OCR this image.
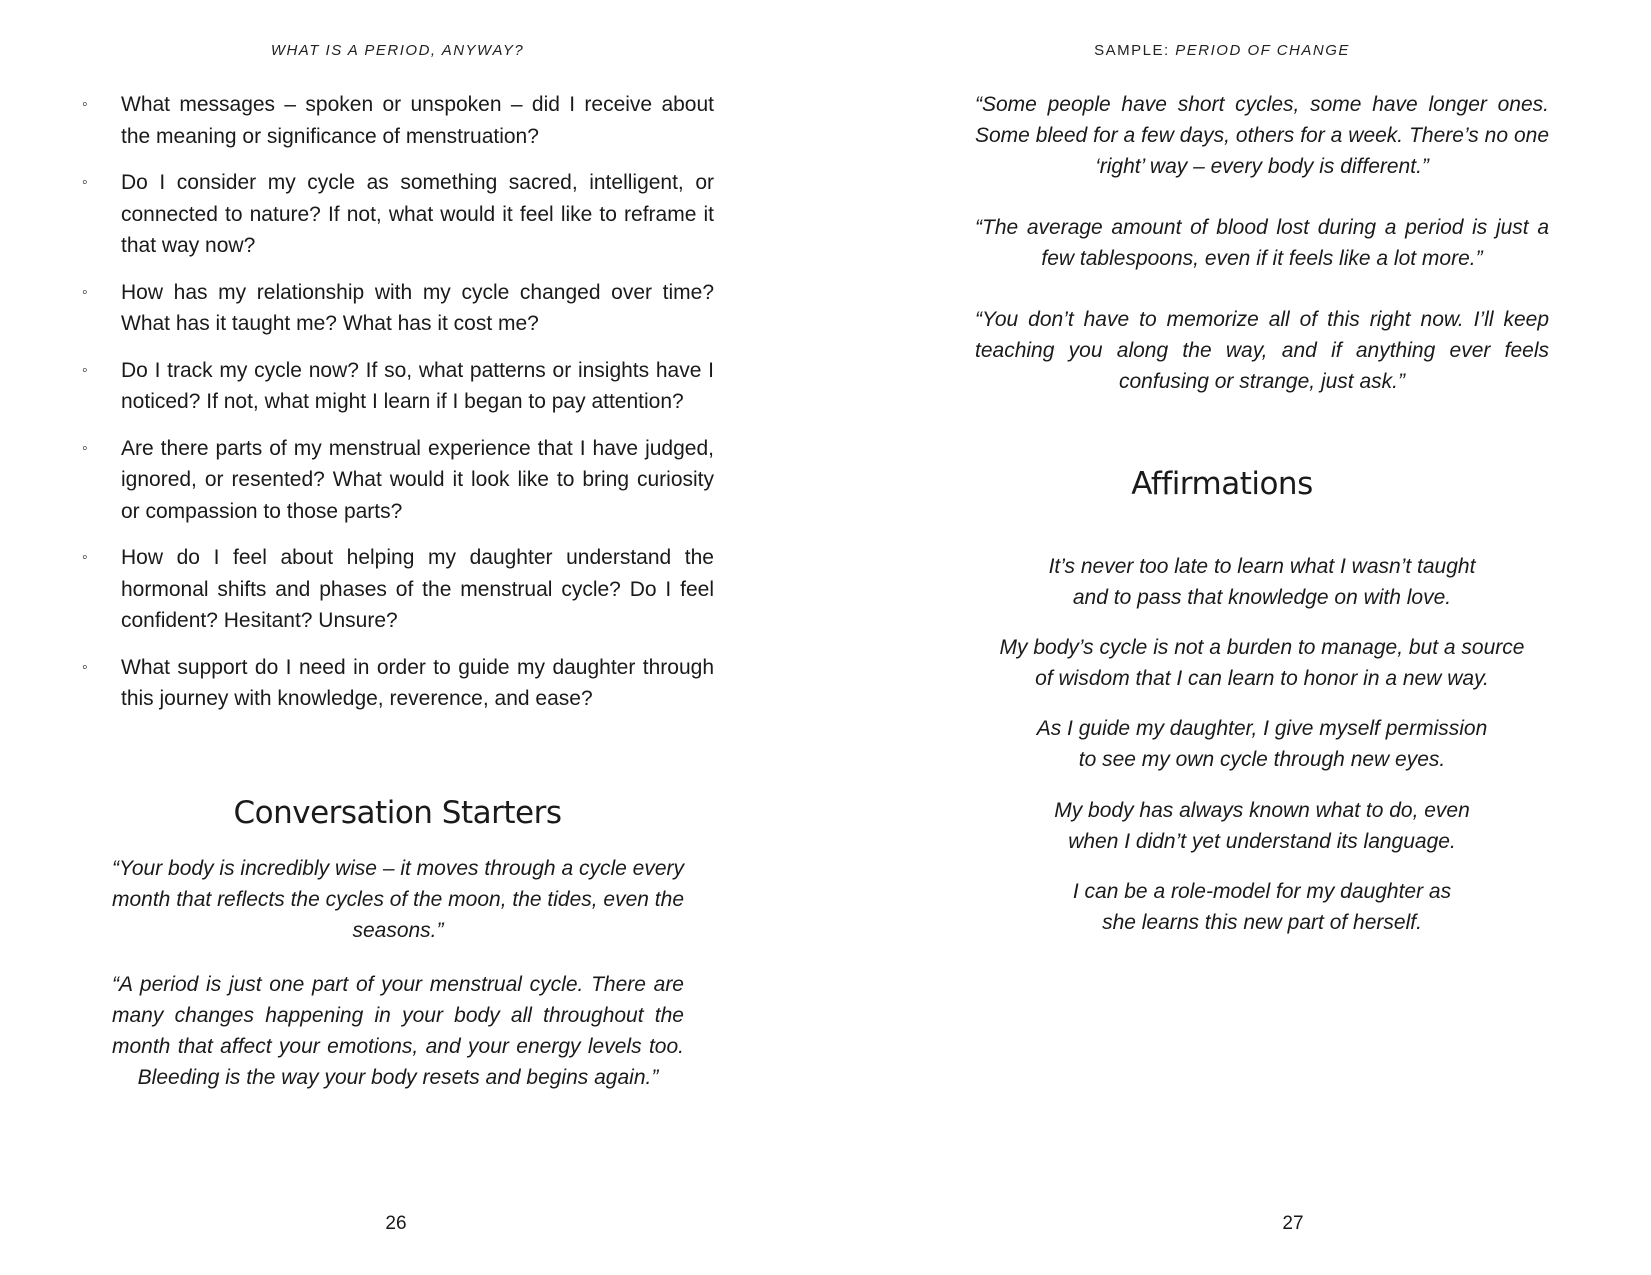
WHAT IS A PERIOD, ANYWAY?
◦ What messages – spoken or unspoken – did I receive about the meaning or significance of menstruation?
◦ Do I consider my cycle as something sacred, intelligent, or connected to nature? If not, what would it feel like to reframe it that way now?
◦ How has my relationship with my cycle changed over time? What has it taught me? What has it cost me?
◦ Do I track my cycle now? If so, what patterns or insights have I noticed? If not, what might I learn if I began to pay attention?
◦ Are there parts of my menstrual experience that I have judged, ignored, or resented? What would it look like to bring curiosity or compassion to those parts?
◦ How do I feel about helping my daughter understand the hormonal shifts and phases of the menstrual cycle? Do I feel confident? Hesitant? Unsure?
◦ What support do I need in order to guide my daughter through this journey with knowledge, reverence, and ease?
Conversation Starters

“Your body is incredibly wise – it moves through a cycle every month that reflects the cycles of the moon, the tides, even the seasons.”

“A period is just one part of your menstrual cycle. There are many changes happening in your body all throughout the month that affect your emotions, and your energy levels too. Bleeding is the way your body resets and begins again.”

26
SAMPLE: PERIOD OF CHANGE

“Some people have short cycles, some have longer ones. Some bleed for a few days, others for a week. There’s no one ‘right’ way – every body is different.”

“The average amount of blood lost during a period is just a few tablespoons, even if it feels like a lot more.”

“You don’t have to memorize all of this right now. I’ll keep teaching you along the way, and if anything ever feels confusing or strange, just ask.”

Affirmations
It’s never too late to learn what I wasn’t taught
and to pass that knowledge on with love.
My body’s cycle is not a burden to manage, but a source
of wisdom that I can learn to honor in a new way.
As I guide my daughter, I give myself permission
to see my own cycle through new eyes.
My body has always known what to do, even
when I didn’t yet understand its language.
I can be a role-model for my daughter as
she learns this new part of herself.
27
